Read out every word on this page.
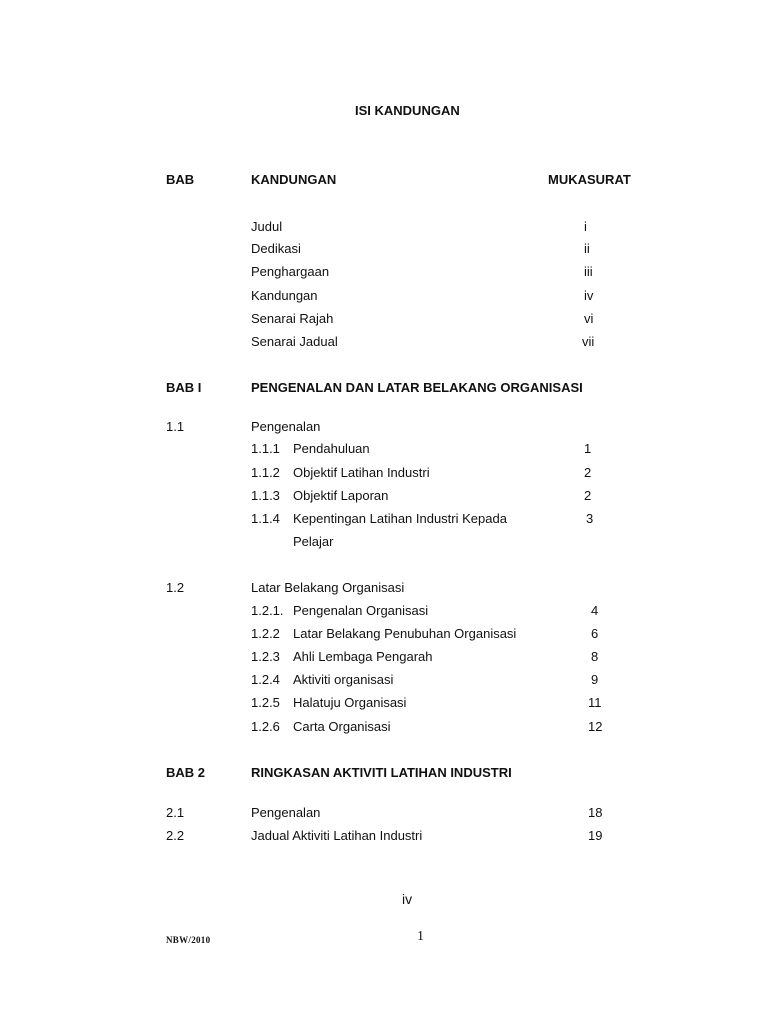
ISI KANDUNGAN
BAB	KANDUNGAN	MUKASURAT
Judul	i
Dedikasi	ii
Penghargaan	iii
Kandungan	iv
Senarai Rajah	vi
Senarai Jadual	vii
BAB I	PENGENALAN DAN LATAR BELAKANG ORGANISASI
1.1	Pengenalan
1.1.1 Pendahuluan	1
1.1.2 Objektif Latihan Industri	2
1.1.3 Objektif Laporan	2
1.1.4 Kepentingan Latihan Industri Kepada	3
Pelajar
1.2	Latar Belakang Organisasi
1.2.1. Pengenalan Organisasi	4
1.2.2 Latar Belakang Penubuhan Organisasi	6
1.2.3 Ahli Lembaga Pengarah	8
1.2.4 Aktiviti organisasi	9
1.2.5 Halatuju Organisasi	11
1.2.6 Carta Organisasi	12
BAB 2	RINGKASAN AKTIVITI LATIHAN INDUSTRI
2.1	Pengenalan	18
2.2	Jadual Aktiviti Latihan Industri	19
iv
NBW/2010	1
